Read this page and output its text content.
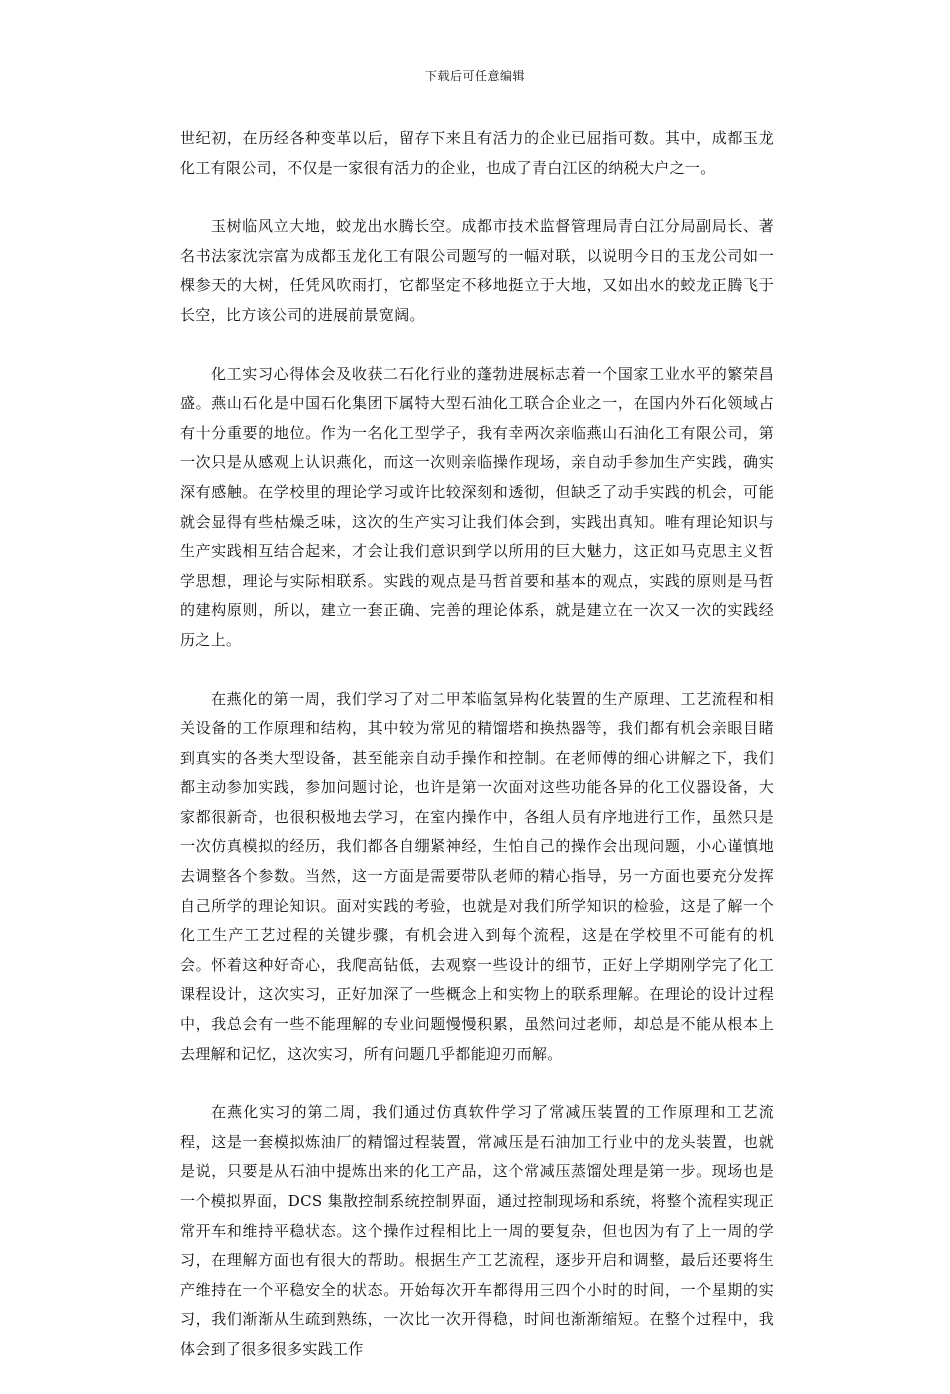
下载后可任意编辑

世纪初，在历经各种变革以后，留存下来且有活力的企业已屈指可数。其中，成都玉龙化工有限公司，不仅是一家很有活力的企业，也成了青白江区的纳税大户之一。

玉树临风立大地，蛟龙出水腾长空。成都市技术监督管理局青白江分局副局长、著名书法家沈宗富为成都玉龙化工有限公司题写的一幅对联，以说明今日的玉龙公司如一棵参天的大树，任凭风吹雨打，它都坚定不移地挺立于大地，又如出水的蛟龙正腾飞于长空，比方该公司的进展前景宽阔。

化工实习心得体会及收获二石化行业的蓬勃进展标志着一个国家工业水平的繁荣昌盛。燕山石化是中国石化集团下属特大型石油化工联合企业之一，在国内外石化领域占有十分重要的地位。作为一名化工型学子，我有幸两次亲临燕山石油化工有限公司，第一次只是从感观上认识燕化，而这一次则亲临操作现场，亲自动手参加生产实践，确实深有感触。在学校里的理论学习或许比较深刻和透彻，但缺乏了动手实践的机会，可能就会显得有些枯燥乏味，这次的生产实习让我们体会到，实践出真知。唯有理论知识与生产实践相互结合起来，才会让我们意识到学以所用的巨大魅力，这正如马克思主义哲学思想，理论与实际相联系。实践的观点是马哲首要和基本的观点，实践的原则是马哲的建构原则，所以，建立一套正确、完善的理论体系，就是建立在一次又一次的实践经历之上。

在燕化的第一周，我们学习了对二甲苯临氢异构化装置的生产原理、工艺流程和相关设备的工作原理和结构，其中较为常见的精馏塔和换热器等，我们都有机会亲眼目睹到真实的各类大型设备，甚至能亲自动手操作和控制。在老师傅的细心讲解之下，我们都主动参加实践，参加问题讨论，也许是第一次面对这些功能各异的化工仪器设备，大家都很新奇，也很积极地去学习，在室内操作中，各组人员有序地进行工作，虽然只是一次仿真模拟的经历，我们都各自绷紧神经，生怕自己的操作会出现问题，小心谨慎地去调整各个参数。当然，这一方面是需要带队老师的精心指导，另一方面也要充分发挥自己所学的理论知识。面对实践的考验，也就是对我们所学知识的检验，这是了解一个化工生产工艺过程的关键步骤，有机会进入到每个流程，这是在学校里不可能有的机会。怀着这种好奇心，我爬高钻低，去观察一些设计的细节，正好上学期刚学完了化工课程设计，这次实习，正好加深了一些概念上和实物上的联系理解。在理论的设计过程中，我总会有一些不能理解的专业问题慢慢积累，虽然问过老师，却总是不能从根本上去理解和记忆，这次实习，所有问题几乎都能迎刃而解。

在燕化实习的第二周，我们通过仿真软件学习了常减压装置的工作原理和工艺流程，这是一套模拟炼油厂的精馏过程装置，常减压是石油加工行业中的龙头装置，也就是说，只要是从石油中提炼出来的化工产品，这个常减压蒸馏处理是第一步。现场也是一个模拟界面，DCS 集散控制系统控制界面，通过控制现场和系统，将整个流程实现正常开车和维持平稳状态。这个操作过程相比上一周的要复杂，但也因为有了上一周的学习，在理解方面也有很大的帮助。根据生产工艺流程，逐步开启和调整，最后还要将生产维持在一个平稳安全的状态。开始每次开车都得用三四个小时的时间，一个星期的实习，我们渐渐从生疏到熟练，一次比一次开得稳，时间也渐渐缩短。在整个过程中，我体会到了很多很多实践工作
